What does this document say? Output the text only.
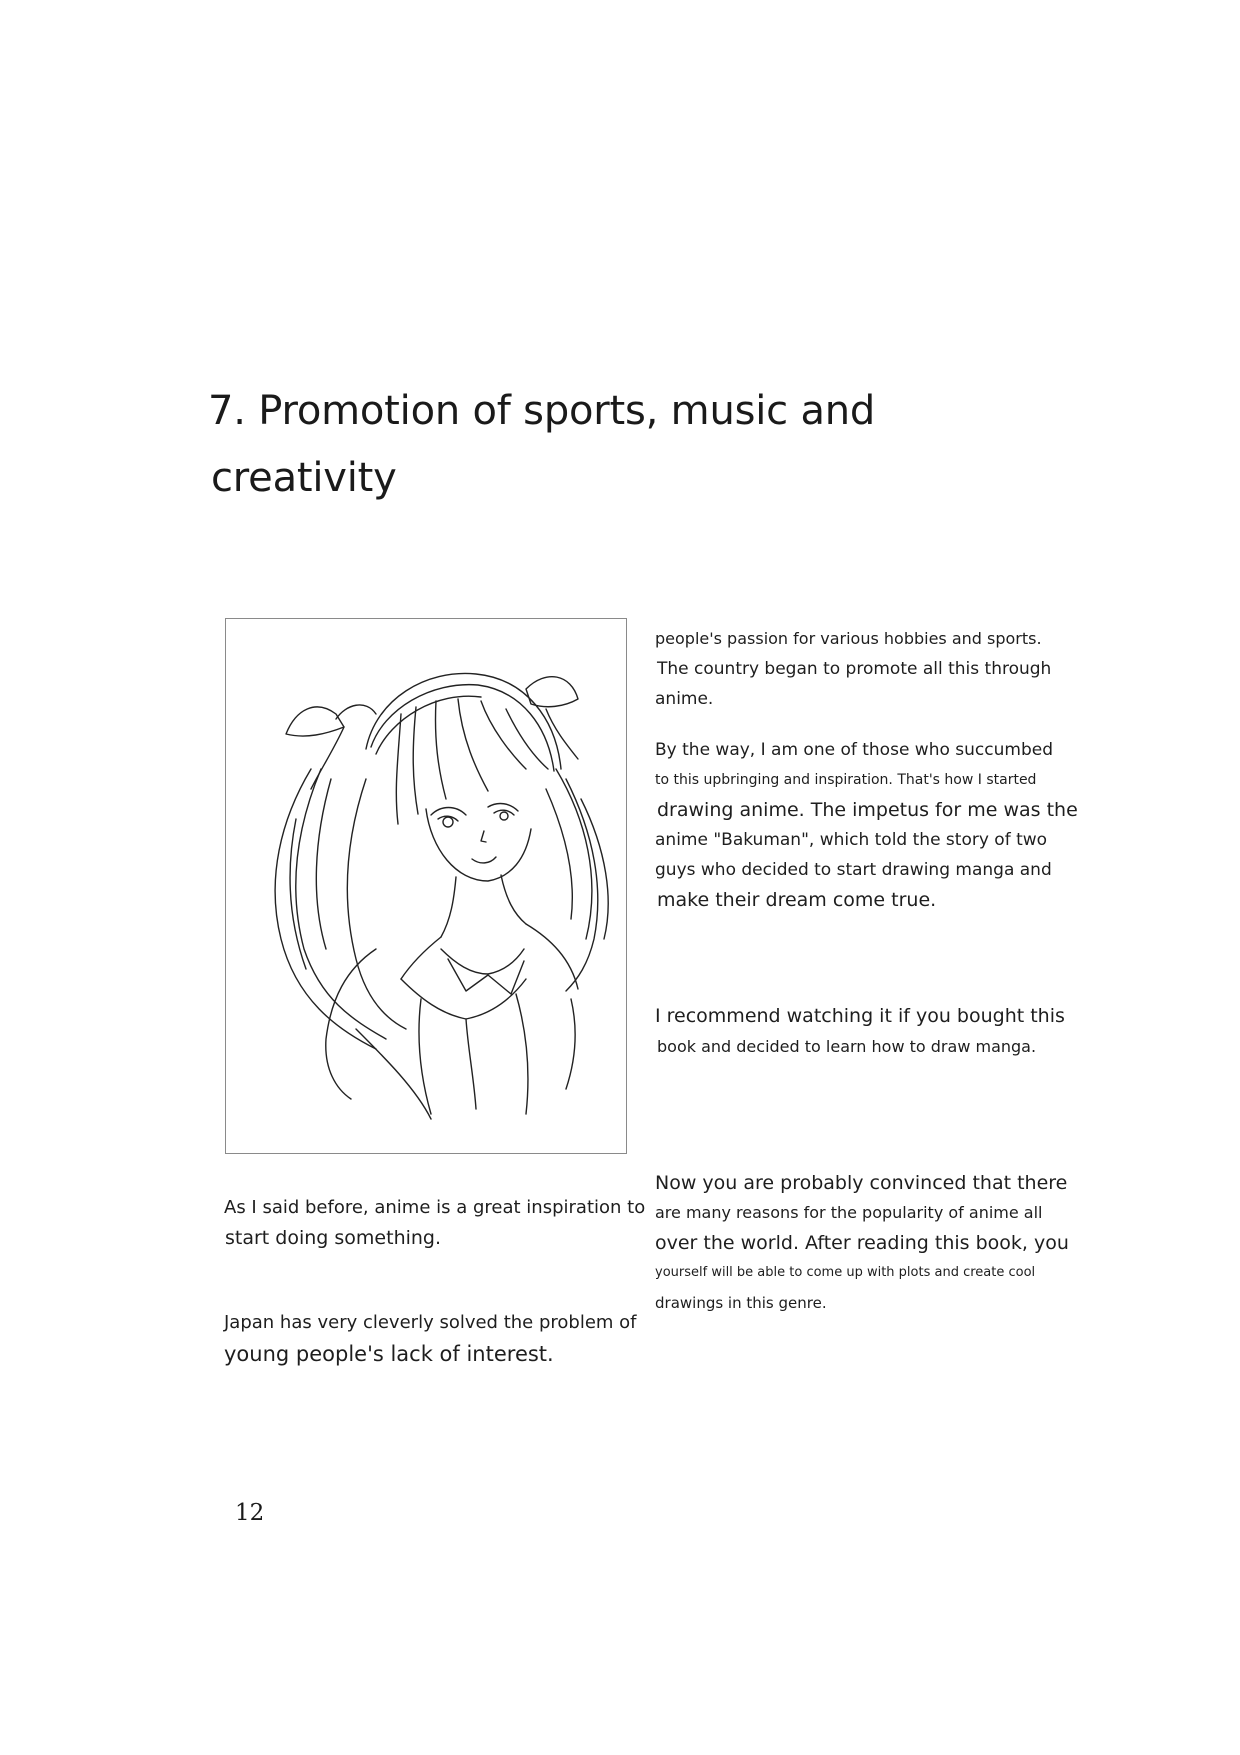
7. Promotion of sports, music and
creativity
As I said before, anime is a great inspiration to
start doing something.
Japan has very cleverly solved the problem of
young people's lack of interest.
people's passion for various hobbies and sports.
The country began to promote all this through
anime.
By the way, I am one of those who succumbed
to this upbringing and inspiration. That's how I started
drawing anime. The impetus for me was the
anime "Bakuman", which told the story of two
guys who decided to start drawing manga and
make their dream come true.
I recommend watching it if you bought this
book and decided to learn how to draw manga.
Now you are probably convinced that there
are many reasons for the popularity of anime all
over the world. After reading this book, you
yourself will be able to come up with plots and create cool
drawings in this genre.
12
